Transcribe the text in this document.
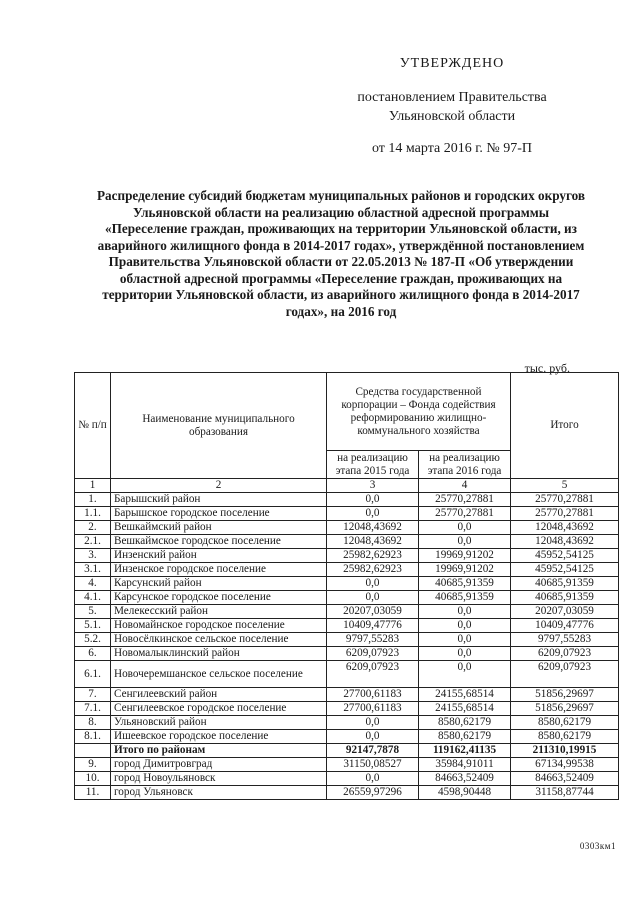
УТВЕРЖДЕНО
постановлением Правительства
Ульяновской области
от 14 марта 2016 г. № 97-П
Распределение субсидий бюджетам муниципальных районов и городских округов Ульяновской области на реализацию областной адресной программы «Переселение граждан, проживающих на территории Ульяновской области, из аварийного жилищного фонда в 2014-2017 годах», утверждённой постановлением Правительства Ульяновской области от 22.05.2013 № 187-П «Об утверждении областной адресной программы «Переселение граждан, проживающих на территории Ульяновской области, из аварийного жилищного фонда в 2014-2017 годах», на 2016 год
тыс. руб.
№ п/п	Наименование муниципального образования	Средства государственной корпорации – Фонда содействия реформированию жилищно-коммунального хозяйства		Итого
		на реализацию этапа 2015 года	на реализацию этапа 2016 года	
1	2	3	4	5
1.	Барышский район	0,0	25770,27881	25770,27881
1.1.	Барышское городское поселение	0,0	25770,27881	25770,27881
2.	Вешкаймский район	12048,43692	0,0	12048,43692
2.1.	Вешкаймское городское поселение	12048,43692	0,0	12048,43692
3.	Инзенский район	25982,62923	19969,91202	45952,54125
3.1.	Инзенское городское поселение	25982,62923	19969,91202	45952,54125
4.	Карсунский район	0,0	40685,91359	40685,91359
4.1.	Карсунское городское поселение	0,0	40685,91359	40685,91359
5.	Мелекесский район	20207,03059	0,0	20207,03059
5.1.	Новомайнское городское поселение	10409,47776	0,0	10409,47776
5.2.	Новосёлкинское сельское поселение	9797,55283	0,0	9797,55283
6.	Новомалыклинский район	6209,07923	0,0	6209,07923
6.1.	Новочеремшанское сельское поселение	6209,07923	0,0	6209,07923
7.	Сенгилеевский район	27700,61183	24155,68514	51856,29697
7.1.	Сенгилеевское городское поселение	27700,61183	24155,68514	51856,29697
8.	Ульяновский район	0,0	8580,62179	8580,62179
8.1.	Ишеевское городское поселение	0,0	8580,62179	8580,62179
	Итого по районам	92147,7878	119162,41135	211310,19915
9.	город Димитровград	31150,08527	35984,91011	67134,99538
10.	город Новоульяновск	0,0	84663,52409	84663,52409
11.	город Ульяновск	26559,97296	4598,90448	31158,87744
0303км1
